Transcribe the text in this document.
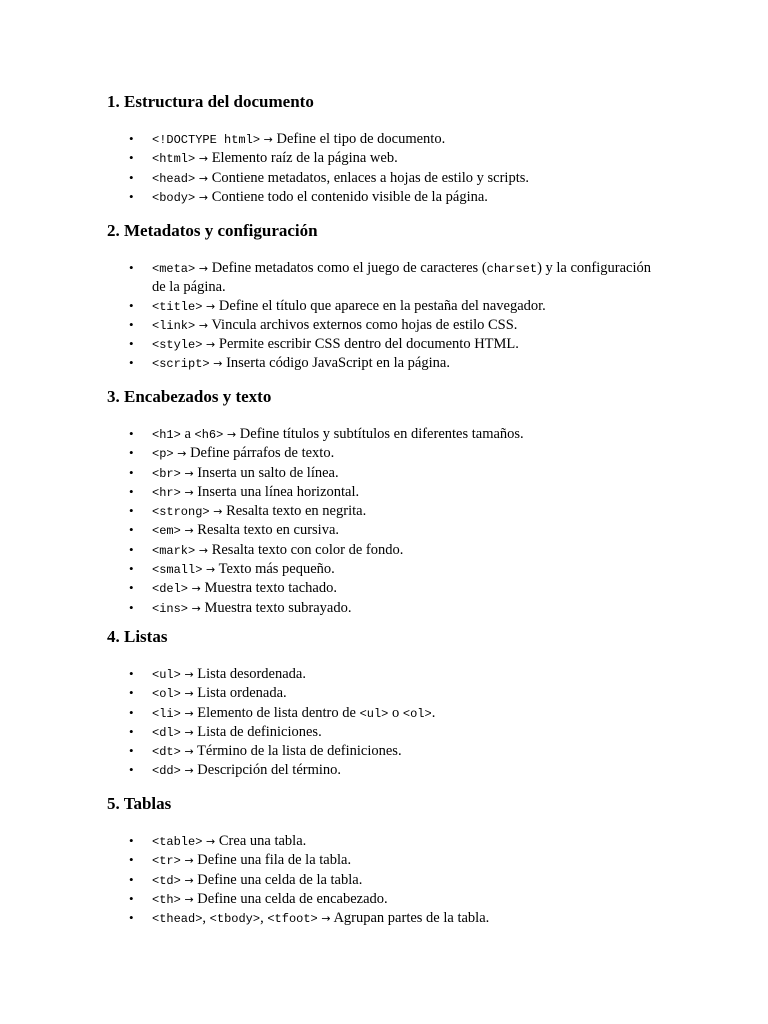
1. Estructura del documento
• <!DOCTYPE html> → Define el tipo de documento.
• <html> → Elemento raíz de la página web.
• <head> → Contiene metadatos, enlaces a hojas de estilo y scripts.
• <body> → Contiene todo el contenido visible de la página.
2. Metadatos y configuración
• <meta> → Define metadatos como el juego de caracteres (charset) y la configuración de la página.
• <title> → Define el título que aparece en la pestaña del navegador.
• <link> → Vincula archivos externos como hojas de estilo CSS.
• <style> → Permite escribir CSS dentro del documento HTML.
• <script> → Inserta código JavaScript en la página.
3. Encabezados y texto
• <h1> a <h6> → Define títulos y subtítulos en diferentes tamaños.
• <p> → Define párrafos de texto.
• <br> → Inserta un salto de línea.
• <hr> → Inserta una línea horizontal.
• <strong> → Resalta texto en negrita.
• <em> → Resalta texto en cursiva.
• <mark> → Resalta texto con color de fondo.
• <small> → Texto más pequeño.
• <del> → Muestra texto tachado.
• <ins> → Muestra texto subrayado.
4. Listas
• <ul> → Lista desordenada.
• <ol> → Lista ordenada.
• <li> → Elemento de lista dentro de <ul> o <ol>.
• <dl> → Lista de definiciones.
• <dt> → Término de la lista de definiciones.
• <dd> → Descripción del término.
5. Tablas
• <table> → Crea una tabla.
• <tr> → Define una fila de la tabla.
• <td> → Define una celda de la tabla.
• <th> → Define una celda de encabezado.
• <thead>, <tbody>, <tfoot> → Agrupan partes de la tabla.
